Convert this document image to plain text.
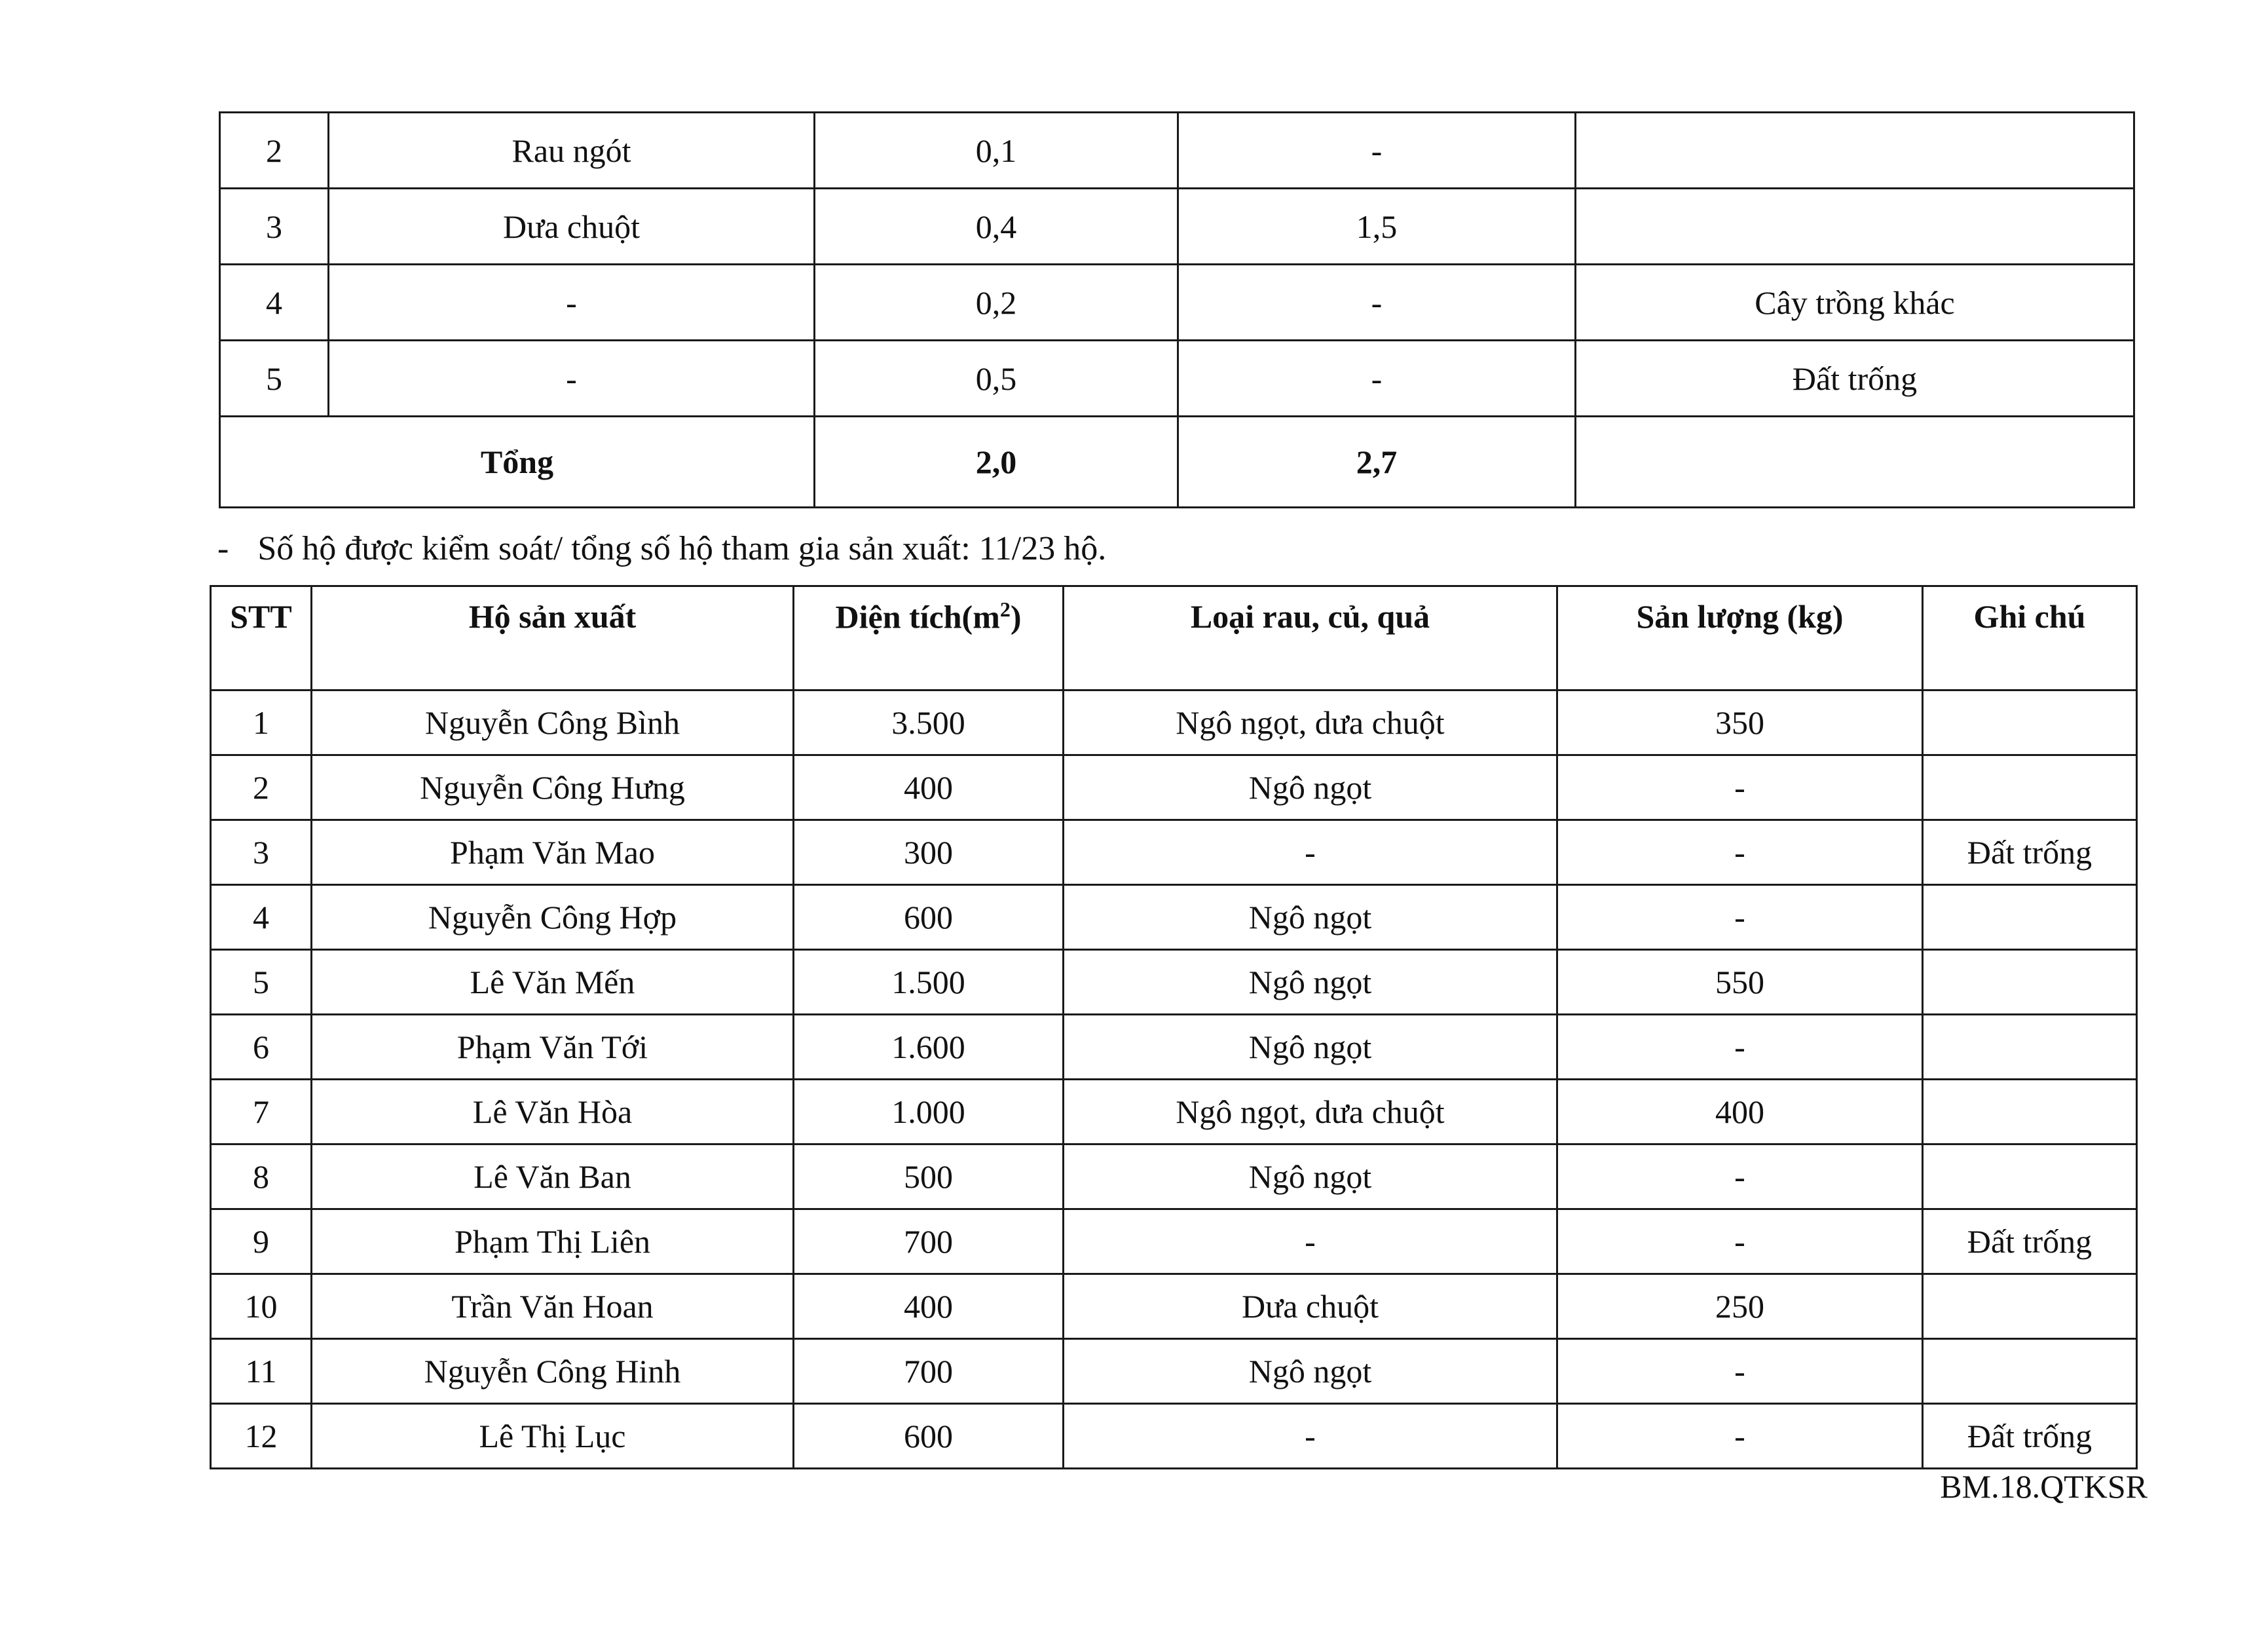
2	Rau ngót	0,1	-	
3	Dưa chuột	0,4	1,5	
4	-	0,2	-	Cây trồng khác
5	-	0,5	-	Đất trống
Tổng		2,0	2,7	
- Số hộ được kiểm soát/ tổng số hộ tham gia sản xuất: 11/23 hộ.
STT	Hộ sản xuất	Diện $tích(m^2)$	Loại rau, củ, quả	Sản lượng (kg)	Ghi chú
1	Nguyễn Công Bình	3.500	Ngô ngọt, dưa chuột	350	
2	Nguyễn Công Hưng	400	Ngô ngọt	-	
3	Phạm Văn Mao	300	-	-	Đất trống
4	Nguyễn Công Hợp	600	Ngô ngọt	-	
5	Lê Văn Mến	1.500	Ngô ngọt	550	
6	Phạm Văn Tới	1.600	Ngô ngọt	-	
7	Lê Văn Hòa	1.000	Ngô ngọt, dưa chuột	400	
8	Lê Văn Ban	500	Ngô ngọt	-	
9	Phạm Thị Liên	700	-	-	Đất trống
10	Trần Văn Hoan	400	Dưa chuột	250	
11	Nguyễn Công Hinh	700	Ngô ngọt	-	
12	Lê Thị Lục	600	-	-	Đất trống
BM.18.QTKSR
